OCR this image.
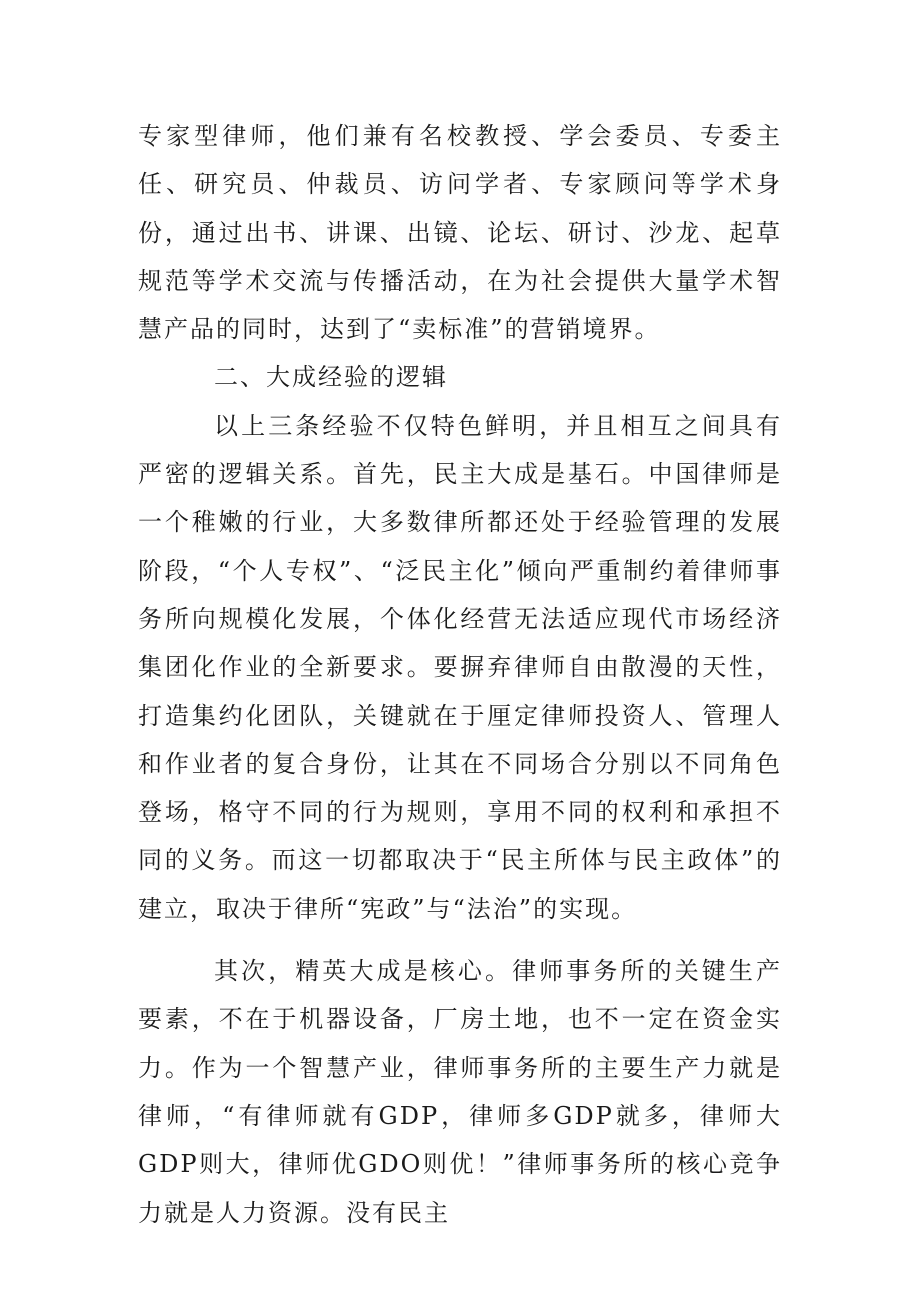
专家型律师，他们兼有名校教授、学会委员、专委主任、研究员、仲裁员、访问学者、专家顾问等学术身份，通过出书、讲课、出镜、论坛、研讨、沙龙、起草规范等学术交流与传播活动，在为社会提供大量学术智慧产品的同时，达到了“卖标准”的营销境界。

二、大成经验的逻辑

以上三条经验不仅特色鲜明，并且相互之间具有严密的逻辑关系。首先，民主大成是基石。中国律师是一个稚嫩的行业，大多数律所都还处于经验管理的发展阶段，“个人专权”、“泛民主化”倾向严重制约着律师事务所向规模化发展，个体化经营无法适应现代市场经济集团化作业的全新要求。要摒弃律师自由散漫的天性，打造集约化团队，关键就在于厘定律师投资人、管理人和作业者的复合身份，让其在不同场合分别以不同角色登场，格守不同的行为规则，享用不同的权利和承担不同的义务。而这一切都取决于“民主所体与民主政体”的建立，取决于律所“宪政”与“法治”的实现。

其次，精英大成是核心。律师事务所的关键生产要素，不在于机器设备，厂房土地，也不一定在资金实力。作为一个智慧产业，律师事务所的主要生产力就是律师，“有律师就有GDP，律师多GDP就多，律师大GDP则大，律师优GDO则优！”律师事务所的核心竞争力就是人力资源。没有民主
